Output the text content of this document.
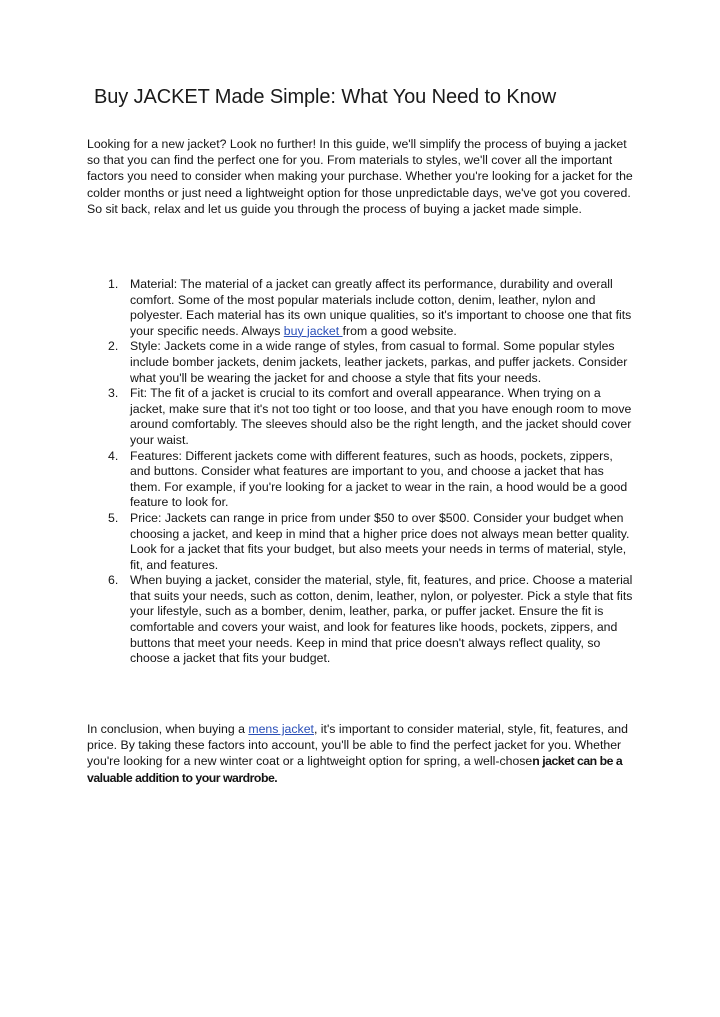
Buy JACKET Made Simple: What You Need to Know

Looking for a new jacket? Look no further! In this guide, we'll simplify the process of buying a jacket so that you can find the perfect one for you. From materials to styles, we'll cover all the important factors you need to consider when making your purchase. Whether you're looking for a jacket for the colder months or just need a lightweight option for those unpredictable days, we've got you covered. So sit back, relax and let us guide you through the process of buying a jacket made simple.

1. Material: The material of a jacket can greatly affect its performance, durability and overall comfort. Some of the most popular materials include cotton, denim, leather, nylon and polyester. Each material has its own unique qualities, so it's important to choose one that fits your specific needs. Always buy jacket from a good website.
2. Style: Jackets come in a wide range of styles, from casual to formal. Some popular styles include bomber jackets, denim jackets, leather jackets, parkas, and puffer jackets. Consider what you'll be wearing the jacket for and choose a style that fits your needs.
3. Fit: The fit of a jacket is crucial to its comfort and overall appearance. When trying on a jacket, make sure that it's not too tight or too loose, and that you have enough room to move around comfortably. The sleeves should also be the right length, and the jacket should cover your waist.
4. Features: Different jackets come with different features, such as hoods, pockets, zippers, and buttons. Consider what features are important to you, and choose a jacket that has them. For example, if you're looking for a jacket to wear in the rain, a hood would be a good feature to look for.
5. Price: Jackets can range in price from under $50 to over $500. Consider your budget when choosing a jacket, and keep in mind that a higher price does not always mean better quality. Look for a jacket that fits your budget, but also meets your needs in terms of material, style, fit, and features.
6. When buying a jacket, consider the material, style, fit, features, and price. Choose a material that suits your needs, such as cotton, denim, leather, nylon, or polyester. Pick a style that fits your lifestyle, such as a bomber, denim, leather, parka, or puffer jacket. Ensure the fit is comfortable and covers your waist, and look for features like hoods, pockets, zippers, and buttons that meet your needs. Keep in mind that price doesn't always reflect quality, so choose a jacket that fits your budget.

In conclusion, when buying a mens jacket, it's important to consider material, style, fit, features, and price. By taking these factors into account, you'll be able to find the perfect jacket for you. Whether you're looking for a new winter coat or a lightweight option for spring, a well-chosen jacket can be a valuable addition to your wardrobe.
